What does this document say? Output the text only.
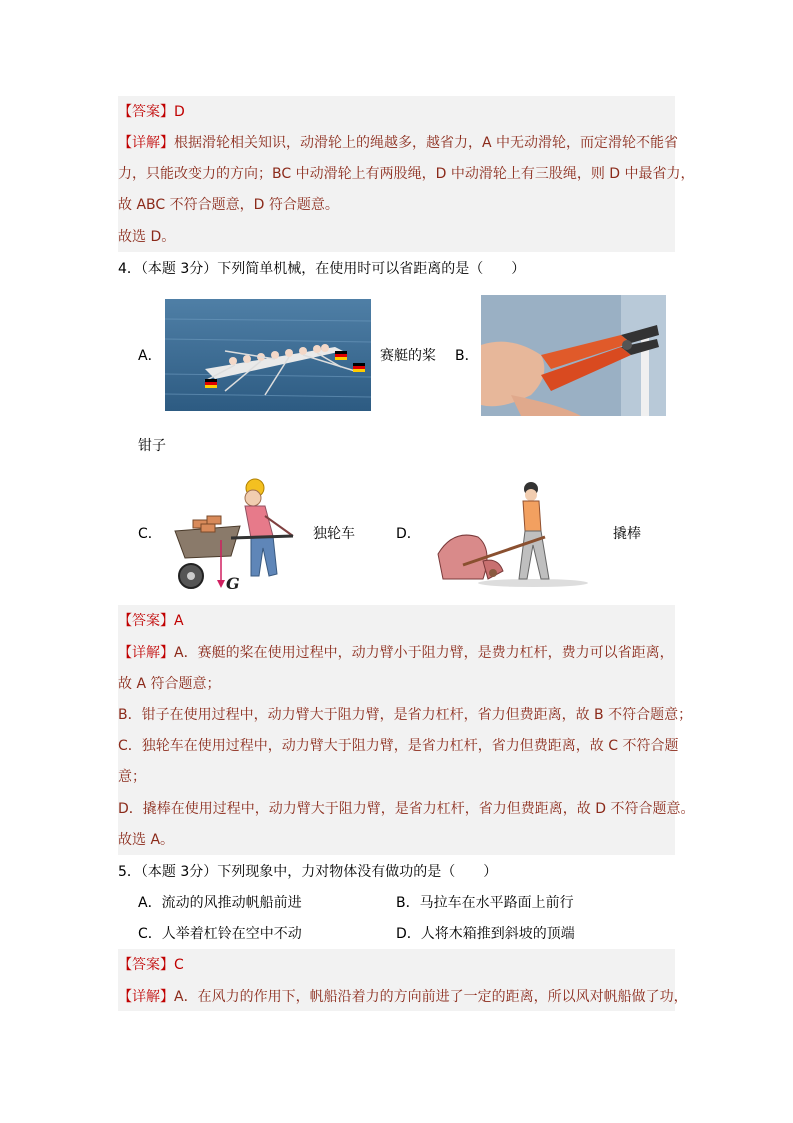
【答案】D
【详解】根据滑轮相关知识，动滑轮上的绳越多，越省力，A 中无动滑轮，而定滑轮不能省
力，只能改变力的方向；BC 中动滑轮上有两股绳，D 中动滑轮上有三股绳，则 D 中最省力，
故 ABC 不符合题意，D 符合题意。
故选 D。
4．（本题 3分）下列简单机械，在使用时可以省距离的是（　　）
A．	赛艇的桨 B．
钳子
C．
G
独轮车	D．	撬棒
【答案】A
【详解】A．赛艇的桨在使用过程中，动力臂小于阻力臂，是费力杠杆，费力可以省距离，
故 A 符合题意；
B．钳子在使用过程中，动力臂大于阻力臂，是省力杠杆，省力但费距离，故 B 不符合题意；
C．独轮车在使用过程中，动力臂大于阻力臂，是省力杠杆，省力但费距离，故 C 不符合题
意；
D．撬棒在使用过程中，动力臂大于阻力臂，是省力杠杆，省力但费距离，故 D 不符合题意。
故选 A。
5．（本题 3分）下列现象中，力对物体没有做功的是（　　）
A．流动的风推动帆船前进	B．马拉车在水平路面上前行
C．人举着杠铃在空中不动	D．人将木箱推到斜坡的顶端
【答案】C
【详解】A．在风力的作用下，帆船沿着力的方向前进了一定的距离，所以风对帆船做了功，
